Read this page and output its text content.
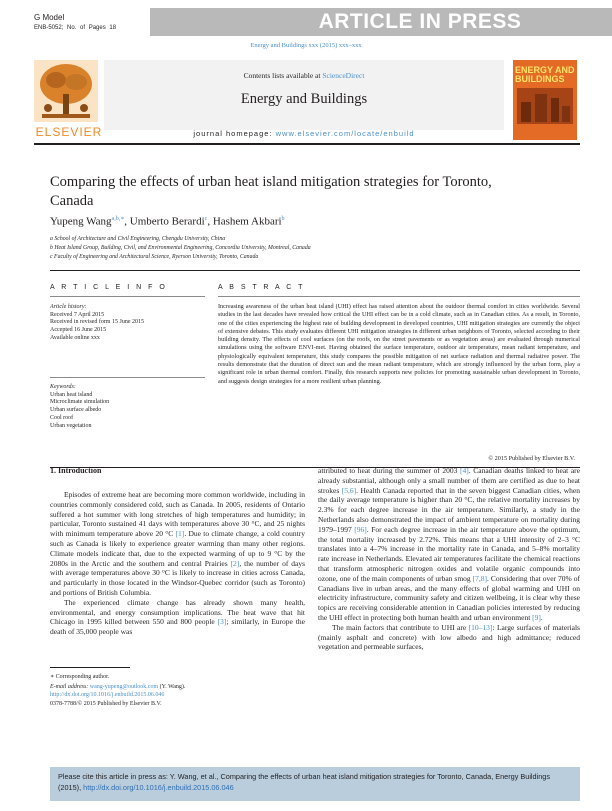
G Model
ENB-5052; No. of Pages 18	ARTICLE IN PRESS
Energy and Buildings xxx (2015) xxx–xxx
ELSEVIER
Contents lists available at ScienceDirect
Energy and Buildings
journal homepage: www.elsevier.com/locate/enbuild
ENERGY AND BUILDINGS
Comparing the effects of urban heat island mitigation strategies for Toronto, Canada
Yupeng Wang$^{a,b,∗}$, Umberto Berardi$^c$, Hashem Akbari$^b$
a School of Architecture and Civil Engineering, Chengdu University, China
b Heat Island Group, Building, Civil, and Environmental Engineering, Concordia University, Montreal, Canada
c Faculty of Engineering and Architectural Science, Ryerson University, Toronto, Canada
A R T I C L E I N F O	A B S T R A C T
Article history:
Received 7 April 2015
Received in revised form 15 June 2015
Accepted 16 June 2015
Available online xxx
Keywords:
Urban heat island
Microclimate simulation
Urban surface albedo
Cool roof
Urban vegetation
Increasing awareness of the urban heat island (UHI) effect has raised attention about the outdoor thermal comfort in cities worldwide. Several studies in the last decades have revealed how critical the UHI effect can be in a cold climate, such as in Canadian cities. As a result, in Toronto, one of the cities experiencing the highest rate of building development in developed countries, UHI mitigation strategies are currently the object of extensive debates. This study evaluates different UHI mitigation strategies in different urban neighbors of Toronto, selected according to their building density. The effects of cool surfaces (on the roofs, on the street pavements or as vegetation areas) are evaluated through numerical simulations using the software ENVI-met. Having obtained the surface temperature, outdoor air temperature, mean radiant temperature, and physiologically equivalent temperature, this study compares the possible mitigation of net surface radiation and thermal radiative power. The results demonstrate that the duration of direct sun and the mean radiant temperature, which are strongly influenced by the urban form, play a significant role in urban thermal comfort. Finally, this research supports new policies for promoting sustainable urban development in Toronto, and suggests design strategies for a more resilient urban planning.
© 2015 Published by Elsevier B.V.
1. Introduction

Episodes of extreme heat are becoming more common worldwide, including in countries commonly considered cold, such as Canada. In 2005, residents of Ontario suffered a hot summer with long stretches of high temperatures and humidity; in particular, Toronto sustained 41 days with temperatures above 30 °C, and 25 nights with minimum temperature above 20 °C [1]. Due to climate change, a cold country such as Canada is likely to experience greater warming than many other regions. Climate models indicate that, due to the expected warming of up to 9 °C by the 2080s in the Arctic and the southern and central Prairies [2], the number of days with average temperatures above 30 °C is likely to increase in cities across Canada, and particularly in those located in the Windsor-Quebec corridor (such as Toronto) and portions of British Columbia.

The experienced climate change has already shown many health, environmental, and energy consumption implications. The heat wave that hit Chicago in 1995 killed between 550 and 800 people [3]; similarly, in Europe the death of 35,000 people was

attributed to heat during the summer of 2003 [4]. Canadian deaths linked to heat are already substantial, although only a small number of them are certified as due to heat strokes [5,6]. Health Canada reported that in the seven biggest Canadian cities, when the daily average temperature is higher than 20 °C, the relative mortality increases by 2.3% for each degree increase in the air temperature. Similarly, a study in the Netherlands also demonstrated the impact of ambient temperature on mortality during 1979–1997 [96]. For each degree increase in the air temperature above the optimum, the total mortality increased by 2.72%. This means that a UHI intensity of 2–3 °C translates into a 4–7% increase in the mortality rate in Canada, and 5–8% mortality rate increase in Netherlands. Elevated air temperatures facilitate the chemical reactions that transform atmospheric nitrogen oxides and volatile organic compounds into ozone, one of the main components of urban smog [7,8]. Considering that over 70% of Canadians live in urban areas, and the many effects of global warming and UHI on electricity infrastructure, community safety and citizen wellbeing, it is clear why these topics are receiving considerable attention in Canadian policies interested by reducing the UHI effect in protecting both human health and urban environment [9].

The main factors that contribute to UHI are [10–13]: Large surfaces of materials (mainly asphalt and concrete) with low albedo and high admittance; reduced vegetation and permeable surfaces,

∗ Corresponding author.
E-mail address: wang-yupeng@outlook.com (Y. Wang).
http://dx.doi.org/10.1016/j.enbuild.2015.06.046
0378-7788/© 2015 Published by Elsevier B.V.
Please cite this article in press as: Y. Wang, et al., Comparing the effects of urban heat island mitigation strategies for Toronto, Canada, Energy Buildings (2015), http://dx.doi.org/10.1016/j.enbuild.2015.06.046
